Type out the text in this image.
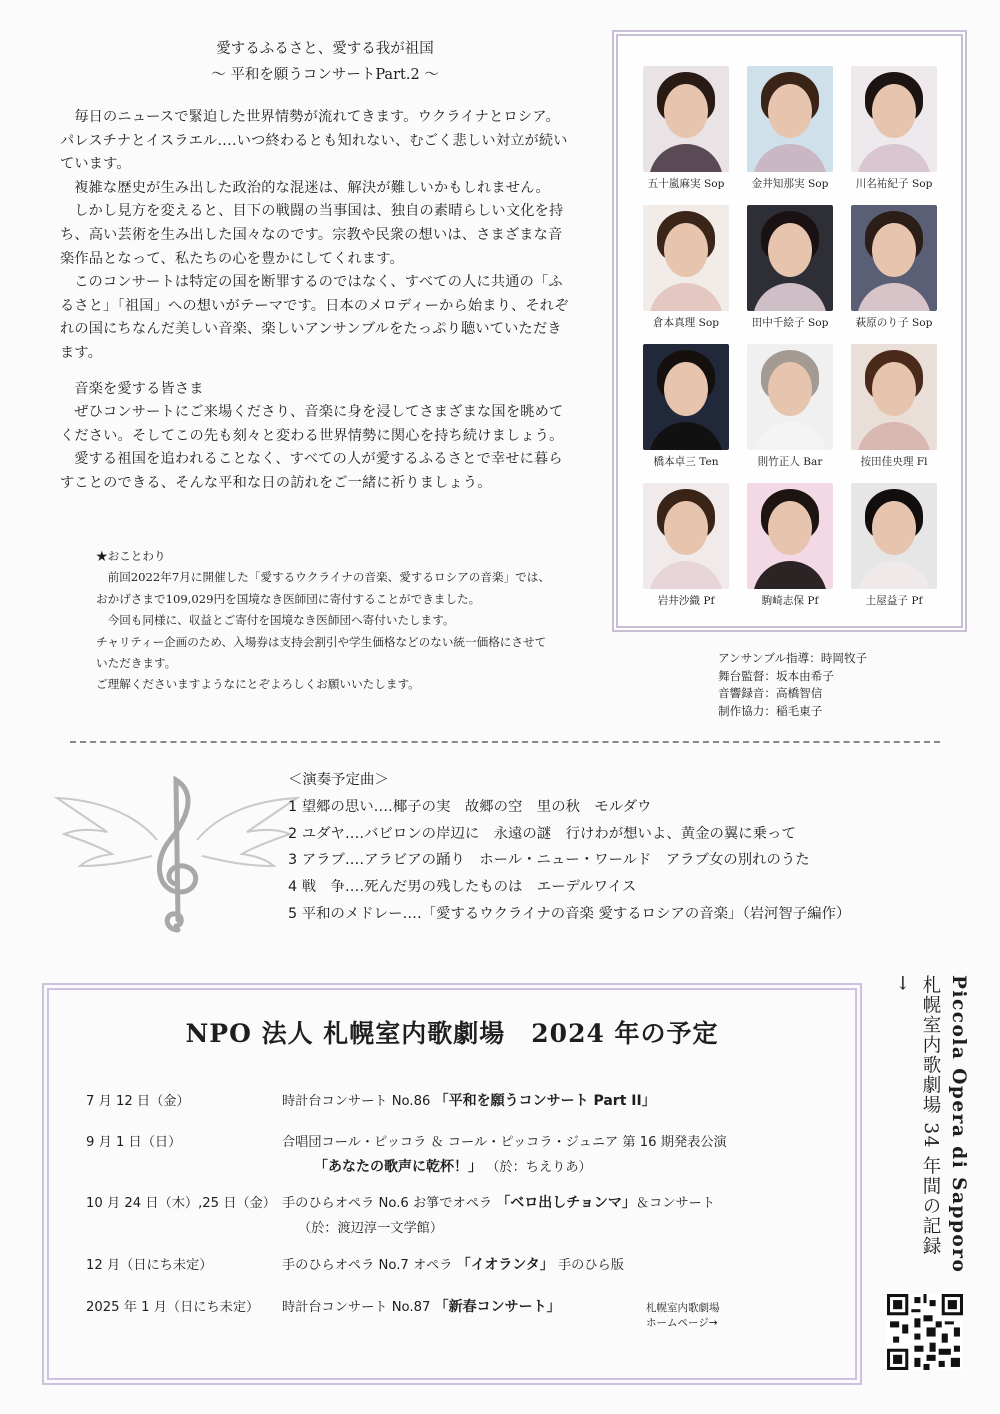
愛するふるさと、愛する我が祖国
～ 平和を願うコンサートPart.2 ～

毎日のニュースで緊迫した世界情勢が流れてきます。ウクライナとロシア。パレスチナとイスラエル‥‥いつ終わるとも知れない、むごく悲しい対立が続いています。

複雑な歴史が生み出した政治的な混迷は、解決が難しいかもしれません。

しかし見方を変えると、目下の戦闘の当事国は、独自の素晴らしい文化を持ち、高い芸術を生み出した国々なのです。宗教や民衆の想いは、さまざまな音楽作品となって、私たちの心を豊かにしてくれます。

このコンサートは特定の国を断罪するのではなく、すべての人に共通の「ふるさと」「祖国」への想いがテーマです。日本のメロディーから始まり、それぞれの国にちなんだ美しい音楽、楽しいアンサンブルをたっぷり聴いていただきます。

音楽を愛する皆さま

ぜひコンサートにご来場くださり、音楽に身を浸してさまざまな国を眺めてください。そしてこの先も刻々と変わる世界情勢に関心を持ち続けましょう。

愛する祖国を追われることなく、すべての人が愛するふるさとで幸せに暮らすことのできる、そんな平和な日の訪れをご一緒に祈りましょう。

★おことわり

前回2022年7月に開催した「愛するウクライナの音楽、愛するロシアの音楽」では、おかげさまで109,029円を国境なき医師団に寄付することができました。

今回も同様に、収益とご寄付を国境なき医師団へ寄付いたします。

チャリティー企画のため、入場券は支持会割引や学生価格などのない統一価格にさせていただきます。

ご理解くださいますようなにとぞよろしくお願いいたします。

五十嵐麻実 Sop	金井知那実 Sop	川名祐紀子 Sop
倉本真理 Sop	田中千絵子 Sop	萩原のり子 Sop
橋本卓三 Ten	則竹正人 Bar	按田佳央理 Fl
岩井沙織 Pf	駒崎志保 Pf	土屋益子 Pf

アンサンブル指導：時岡牧子

舞台監督：坂本由希子

音響録音：高橋智信

制作協力：稲毛東子

＜演奏予定曲＞

1 望郷の思い‥‥椰子の実　故郷の空　里の秋　モルダウ

2 ユダヤ‥‥バビロンの岸辺に　永遠の謎　行けわが想いよ、黄金の翼に乗って

3 アラブ‥‥アラビアの踊り　ホール・ニュー・ワールド　アラブ女の別れのうた

4 戦　争‥‥死んだ男の残したものは　エーデルワイス

5 平和のメドレー‥‥「愛するウクライナの音楽 愛するロシアの音楽」（岩河智子編作）

NPO 法人 札幌室内歌劇場　2024 年の予定
7 月 12 日（金）	時計台コンサート No.86 「平和を願うコンサート Part II」
9 月 1 日（日）	合唱団コール・ピッコラ ＆ コール・ピッコラ・ジュニア 第 16 期発表公演
「あなたの歌声に乾杯！」 （於：ちえりあ）
10 月 24 日（木）,25 日（金） 手のひらオペラ No.6 お箏でオペラ 「ベロ出しチョンマ」＆コンサート
（於：渡辺淳一文学館）
12 月（日にち未定）	手のひらオペラ No.7 オペラ 「イオランタ」 手のひら版
2025 年 1 月（日にち未定） 時計台コンサート No.87 「新春コンサート」	札幌室内歌劇場
ホームページ→
Piccola Opera di Sapporo
札幌室内歌劇場 34 年間の記録 →
